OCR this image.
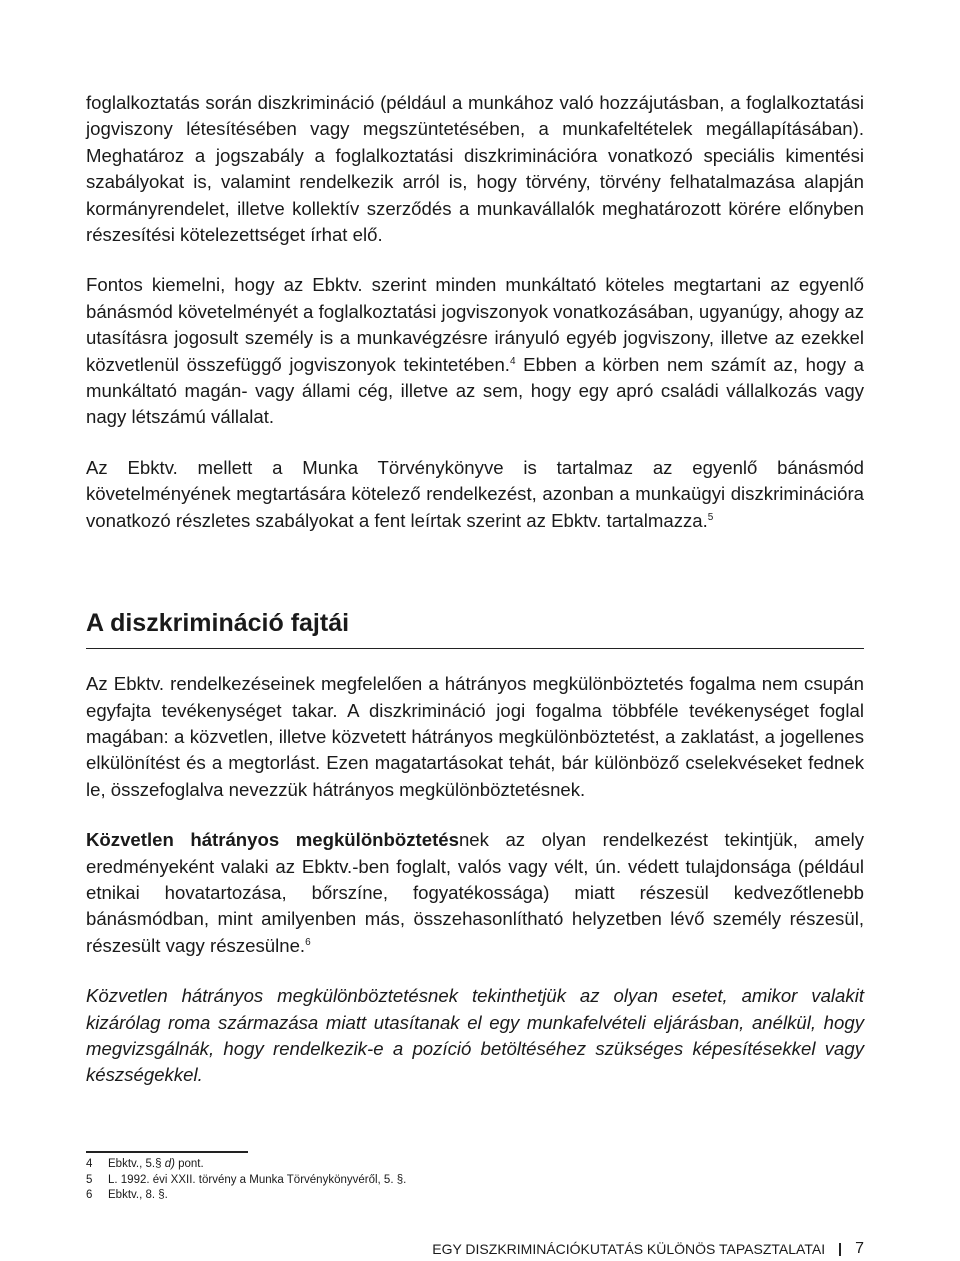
foglalkoztatás során diszkrimináció (például a munkához való hozzájutásban, a foglalkoztatási jogviszony létesítésében vagy megszüntetésében, a munkafeltételek megállapításában). Meghatároz a jogszabály a foglalkoztatási diszkriminációra vonatkozó speciális kimentési szabályokat is, valamint rendelkezik arról is, hogy törvény, törvény felhatalmazása alapján kormányrendelet, illetve kollektív szerződés a munkavállalók meghatározott körére előnyben részesítési kötelezettséget írhat elő.

Fontos kiemelni, hogy az Ebktv. szerint minden munkáltató köteles megtartani az egyenlő bánásmód követelményét a foglalkoztatási jogviszonyok vonatkozásában, ugyanúgy, ahogy az utasításra jogosult személy is a munkavégzésre irányuló egyéb jogviszony, illetve az ezekkel közvetlenül összefüggő jogviszonyok tekintetében.$^4$ Ebben a körben nem számít az, hogy a munkáltató magán- vagy állami cég, illetve az sem, hogy egy apró családi vállalkozás vagy nagy létszámú vállalat.

Az Ebktv. mellett a Munka Törvénykönyve is tartalmaz az egyenlő bánásmód követelményének megtartására kötelező rendelkezést, azonban a munkaügyi diszkriminációra vonatkozó részletes szabályokat a fent leírtak szerint az Ebktv. tartalmazza.$^5$

A diszkrimináció fajtái

Az Ebktv. rendelkezéseinek megfelelően a hátrányos megkülönböztetés fogalma nem csupán egyfajta tevékenységet takar. A diszkrimináció jogi fogalma többféle tevékenységet foglal magában: a közvetlen, illetve közvetett hátrányos megkülönböztetést, a zaklatást, a jogellenes elkülönítést és a megtorlást. Ezen magatartásokat tehát, bár különböző cselekvéseket fednek le, összefoglalva nevezzük hátrányos megkülönböztetésnek.

Közvetlen hátrányos megkülönböztetésnek az olyan rendelkezést tekintjük, amely eredményeként valaki az Ebktv.-ben foglalt, valós vagy vélt, ún. védett tulajdonsága (például etnikai hovatartozása, bőrszíne, fogyatékossága) miatt részesül kedvezőtlenebb bánásmódban, mint amilyenben más, összehasonlítható helyzetben lévő személy részesül, részesült vagy részesülne.$^6$

Közvetlen hátrányos megkülönböztetésnek tekinthetjük az olyan esetet, amikor valakit kizárólag roma származása miatt utasítanak el egy munkafelvételi eljárásban, anélkül, hogy megvizsgálnák, hogy rendelkezik-e a pozíció betöltéséhez szükséges képesítésekkel vagy készségekkel.

4	Ebktv., 5.§ d) pont.
5	L. 1992. évi XXII. törvény a Munka Törvénykönyvéről, 5. §.
6	Ebktv., 8. §.
EGY DISZKRIMINÁCIÓKUTATÁS KÜLÖNÖS TAPASZTALATAI 7
